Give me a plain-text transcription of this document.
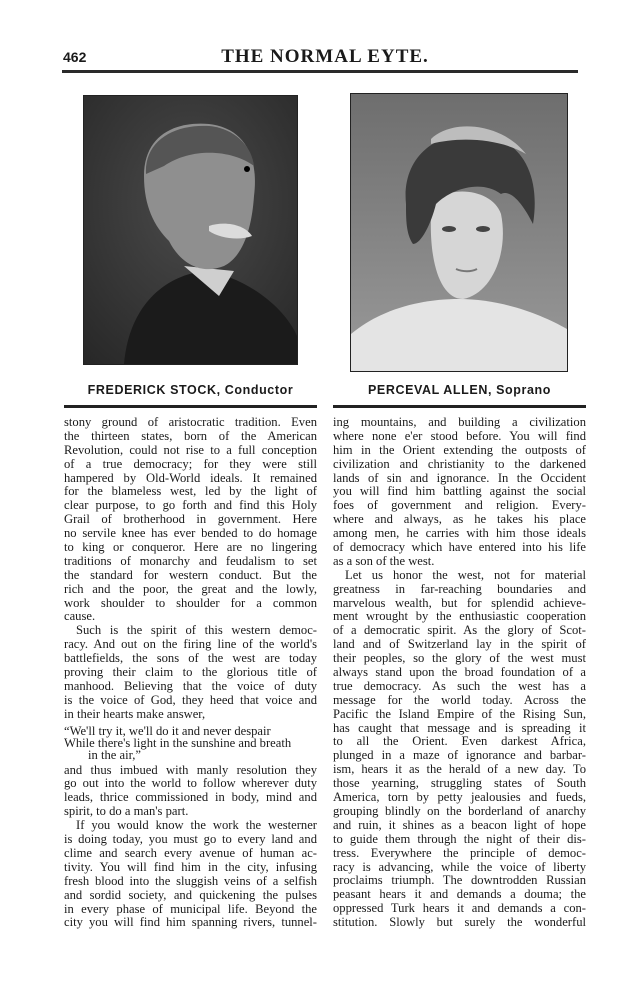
462	THE NORMAL EYTE.
FREDERICK STOCK, Conductor	PERCEVAL ALLEN, Soprano
stony ground of aristocratic tradition. Even
the thirteen states, born of the American
Revolution, could not rise to a full conception
of a true democracy; for they were still
hampered by Old-World ideals. It remained
for the blameless west, led by the light of
clear purpose, to go forth and find this Holy
Grail of brotherhood in government. Here
no servile knee has ever bended to do homage
to king or conqueror. Here are no lingering
traditions of monarchy and feudalism to set
the standard for western conduct. But the
rich and the poor, the great and the lowly,
work shoulder to shoulder for a common
cause.
Such is the spirit of this western democ-
racy. And out on the firing line of the world's
battlefields, the sons of the west are today
proving their claim to the glorious title of
manhood. Believing that the voice of duty
is the voice of God, they heed that voice and
in their hearts make answer,
“We'll try it, we'll do it and never despair
While there's light in the sunshine and breath
in the air,”
and thus imbued with manly resolution they
go out into the world to follow wherever duty
leads, thrice commissioned in body, mind and
spirit, to do a man's part.
If you would know the work the westerner
is doing today, you must go to every land and
clime and search every avenue of human ac-
tivity. You will find him in the city, infusing
fresh blood into the sluggish veins of a selfish
and sordid society, and quickening the pulses
in every phase of municipal life. Beyond the
city you will find him spanning rivers, tunnel-
ing mountains, and building a civilization
where none e'er stood before. You will find
him in the Orient extending the outposts of
civilization and christianity to the darkened
lands of sin and ignorance. In the Occident
you will find him battling against the social
foes of government and religion. Every-
where and always, as he takes his place
among men, he carries with him those ideals
of democracy which have entered into his life
as a son of the west.
Let us honor the west, not for material
greatness in far-reaching boundaries and
marvelous wealth, but for splendid achieve-
ment wrought by the enthusiastic cooperation
of a democratic spirit. As the glory of Scot-
land and of Switzerland lay in the spirit of
their peoples, so the glory of the west must
always stand upon the broad foundation of a
true democracy. As such the west has a
message for the world today. Across the
Pacific the Island Empire of the Rising Sun,
has caught that message and is spreading it
to all the Orient. Even darkest Africa,
plunged in a maze of ignorance and barbar-
ism, hears it as the herald of a new day. To
those yearning, struggling states of South
America, torn by petty jealousies and fueds,
grouping blindly on the borderland of anarchy
and ruin, it shines as a beacon light of hope
to guide them through the night of their dis-
tress. Everywhere the principle of democ-
racy is advancing, while the voice of liberty
proclaims triumph. The downtrodden Russian
peasant hears it and demands a douma; the
oppressed Turk hears it and demands a con-
stitution. Slowly but surely the wonderful
